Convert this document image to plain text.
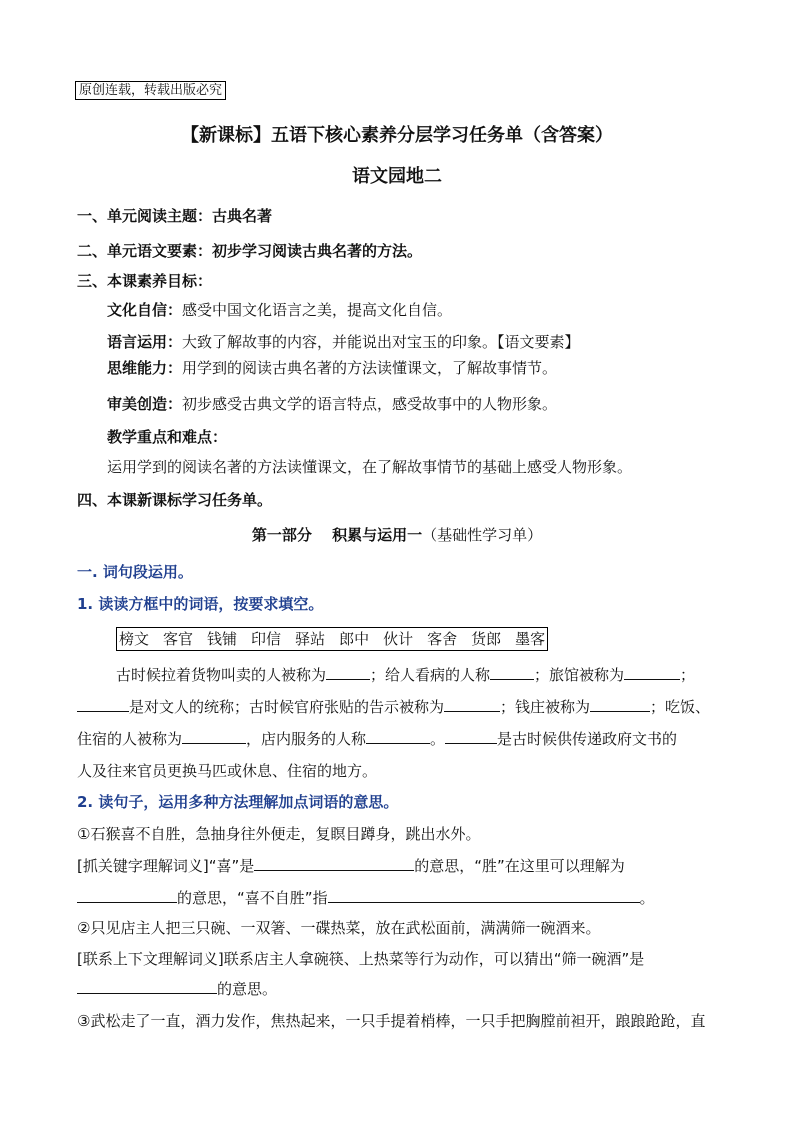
原创连载，转载出版必究
【新课标】五语下核心素养分层学习任务单（含答案）
语文园地二
一、单元阅读主题：古典名著
二、单元语文要素：初步学习阅读古典名著的方法。
三、本课素养目标：
文化自信：感受中国文化语言之美，提高文化自信。
语言运用：大致了解故事的内容，并能说出对宝玉的印象。【语文要素】
思维能力：用学到的阅读古典名著的方法读懂课文，了解故事情节。
审美创造：初步感受古典文学的语言特点，感受故事中的人物形象。
教学重点和难点：
运用学到的阅读名著的方法读懂课文，在了解故事情节的基础上感受人物形象。
四、本课新课标学习任务单。
第一部分　 积累与运用一（基础性学习单）
一. 词句段运用。
1. 读读方框中的词语，按要求填空。
榜文 客官 钱铺 印信 驿站 郎中 伙计 客舍 货郎 墨客
古时候拉着货物叫卖的人被称为	；给人看病的人称	；旅馆被称为	；
是对文人的统称；古时候官府张贴的告示被称为	；钱庄被称为	；吃饭、
住宿的人被称为	，店内服务的人称	。	是古时候供传递政府文书的
人及往来官员更换马匹或休息、住宿的地方。
2. 读句子，运用多种方法理解加点词语的意思。
①石猴喜不自胜，急抽身往外便走，复瞑目蹲身，跳出水外。
[抓关键字理解词义]“喜”是	的意思，“胜”在这里可以理解为
的意思，“喜不自胜”指	。
②只见店主人把三只碗、一双箸、一碟热菜，放在武松面前，满满筛一碗酒来。
[联系上下文理解词义]联系店主人拿碗筷、上热菜等行为动作，可以猜出“筛一碗酒”是
的意思。
③武松走了一直，酒力发作，焦热起来，一只手提着梢棒，一只手把胸膛前袒开，踉踉跄跄，直
